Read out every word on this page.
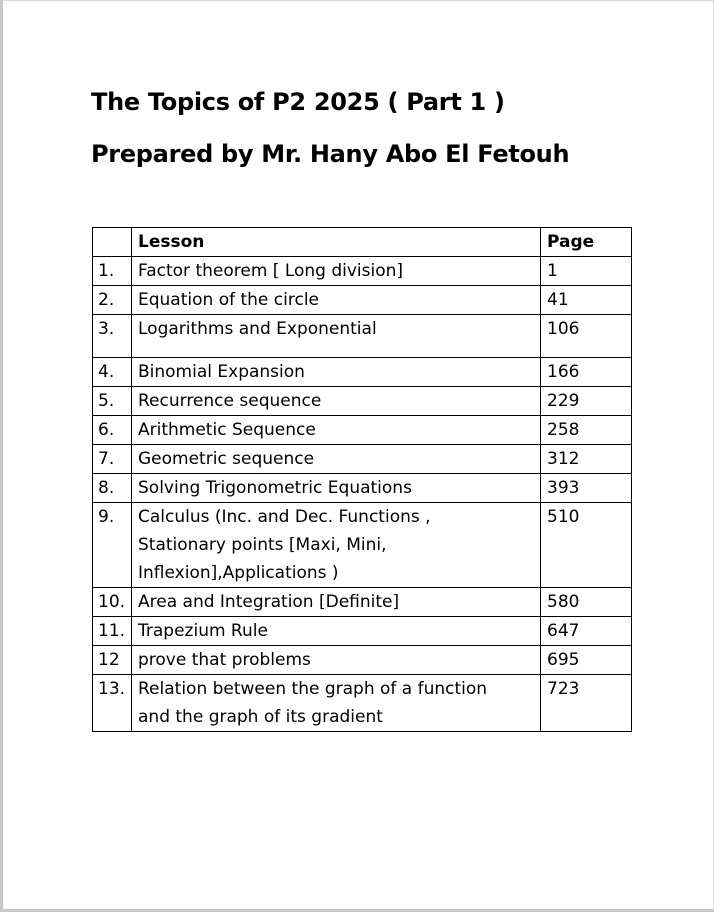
The Topics of P2 2025 ( Part 1 )
Prepared by Mr. Hany Abo El Fetouh
	Lesson	Page
1.	Factor theorem [ Long division]	1
2.	Equation of the circle	41
3.	Logarithms and Exponential	106
4.	Binomial Expansion	166
5.	Recurrence sequence	229
6.	Arithmetic Sequence	258
7.	Geometric sequence	312
8.	Solving Trigonometric Equations	393
9.	Calculus (Inc. and Dec. Functions ,
Stationary points [Maxi, Mini,
Inflexion],Applications )	510
10.	Area and Integration [Definite]	580
11.	Trapezium Rule	647
12	prove that problems	695
13.	Relation between the graph of a function
and the graph of its gradient	723
